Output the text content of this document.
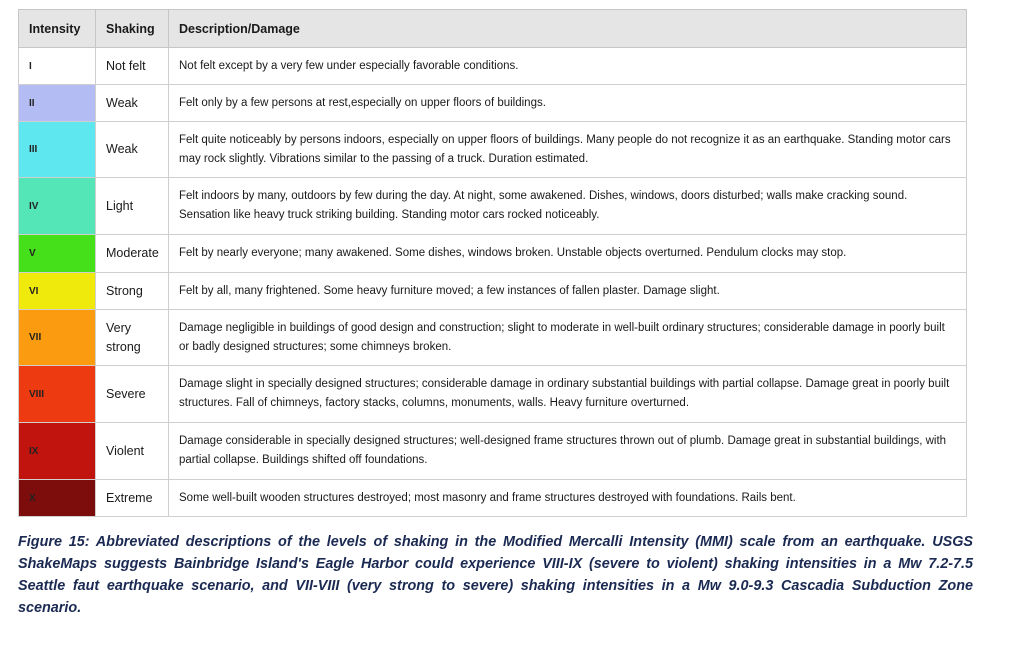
Intensity	Shaking	Description/Damage
I	Not felt	Not felt except by a very few under especially favorable conditions.
II	Weak	Felt only by a few persons at rest,especially on upper floors of buildings.
III	Weak	Felt quite noticeably by persons indoors, especially on upper floors of buildings. Many people do not recognize it as an earthquake. Standing motor cars may rock slightly. Vibrations similar to the passing of a truck. Duration estimated.
IV	Light	Felt indoors by many, outdoors by few during the day. At night, some awakened. Dishes, windows, doors disturbed; walls make cracking sound. Sensation like heavy truck striking building. Standing motor cars rocked noticeably.
V	Moderate	Felt by nearly everyone; many awakened. Some dishes, windows broken. Unstable objects overturned. Pendulum clocks may stop.
VI	Strong	Felt by all, many frightened. Some heavy furniture moved; a few instances of fallen plaster. Damage slight.
VII	Very strong	Damage negligible in buildings of good design and construction; slight to moderate in well-built ordinary structures; considerable damage in poorly built or badly designed structures; some chimneys broken.
VIII	Severe	Damage slight in specially designed structures; considerable damage in ordinary substantial buildings with partial collapse. Damage great in poorly built structures. Fall of chimneys, factory stacks, columns, monuments, walls. Heavy furniture overturned.
IX	Violent	Damage considerable in specially designed structures; well-designed frame structures thrown out of plumb. Damage great in substantial buildings, with partial collapse. Buildings shifted off foundations.
X	Extreme	Some well-built wooden structures destroyed; most masonry and frame structures destroyed with foundations. Rails bent.
Figure 15: Abbreviated descriptions of the levels of shaking in the Modified Mercalli Intensity (MMI) scale from an earthquake. USGS ShakeMaps suggests Bainbridge Island's Eagle Harbor could experience VIII-IX (severe to violent) shaking intensities in a Mw 7.2-7.5 Seattle faut earthquake scenario, and VII-VIII (very strong to severe) shaking intensities in a Mw 9.0-9.3 Cascadia Subduction Zone scenario.
